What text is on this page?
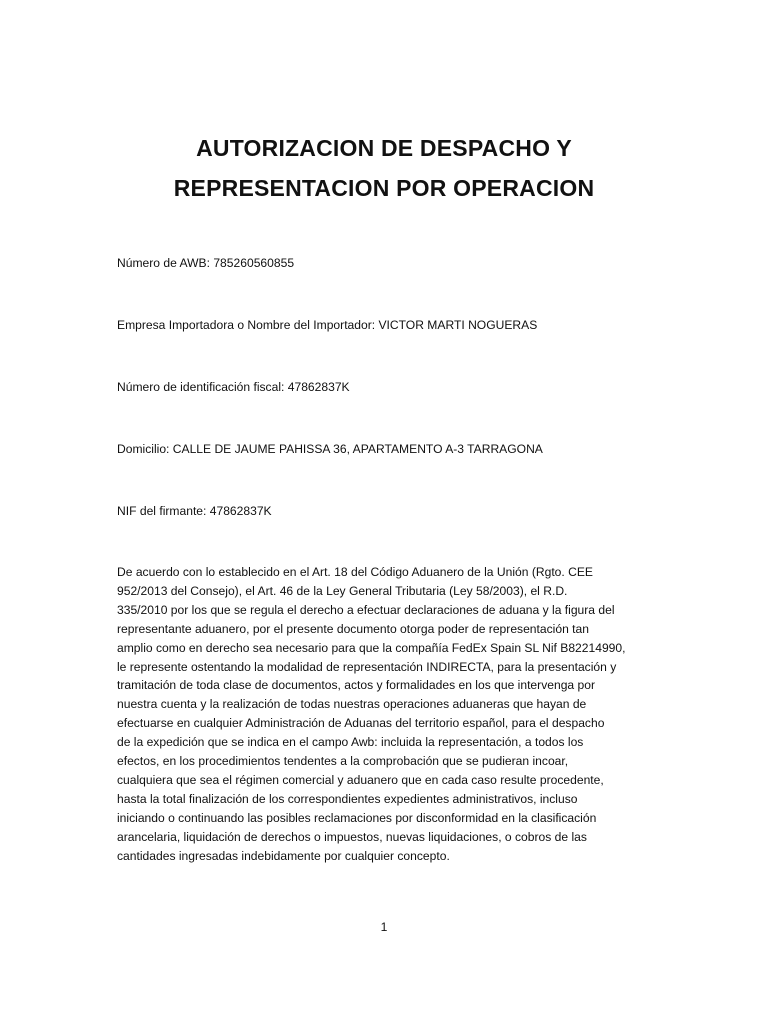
AUTORIZACION DE DESPACHO Y
REPRESENTACION POR OPERACION

Número de AWB: 785260560855

Empresa Importadora o Nombre del Importador: VICTOR MARTI NOGUERAS

Número de identificación fiscal: 47862837K

Domicilio: CALLE DE JAUME PAHISSA 36, APARTAMENTO A-3 TARRAGONA

NIF del firmante: 47862837K

De acuerdo con lo establecido en el Art. 18 del Código Aduanero de la Unión (Rgto. CEE
952/2013 del Consejo), el Art. 46 de la Ley General Tributaria (Ley 58/2003), el R.D.
335/2010 por los que se regula el derecho a efectuar declaraciones de aduana y la figura del
representante aduanero, por el presente documento otorga poder de representación tan
amplio como en derecho sea necesario para que la compañía FedEx Spain SL Nif B82214990,
le represente ostentando la modalidad de representación INDIRECTA, para la presentación y
tramitación de toda clase de documentos, actos y formalidades en los que intervenga por
nuestra cuenta y la realización de todas nuestras operaciones aduaneras que hayan de
efectuarse en cualquier Administración de Aduanas del territorio español, para el despacho
de la expedición que se indica en el campo Awb: incluida la representación, a todos los
efectos, en los procedimientos tendentes a la comprobación que se pudieran incoar,
cualquiera que sea el régimen comercial y aduanero que en cada caso resulte procedente,
hasta la total finalización de los correspondientes expedientes administrativos, incluso
iniciando o continuando las posibles reclamaciones por disconformidad en la clasificación
arancelaria, liquidación de derechos o impuestos, nuevas liquidaciones, o cobros de las
cantidades ingresadas indebidamente por cualquier concepto.

1
